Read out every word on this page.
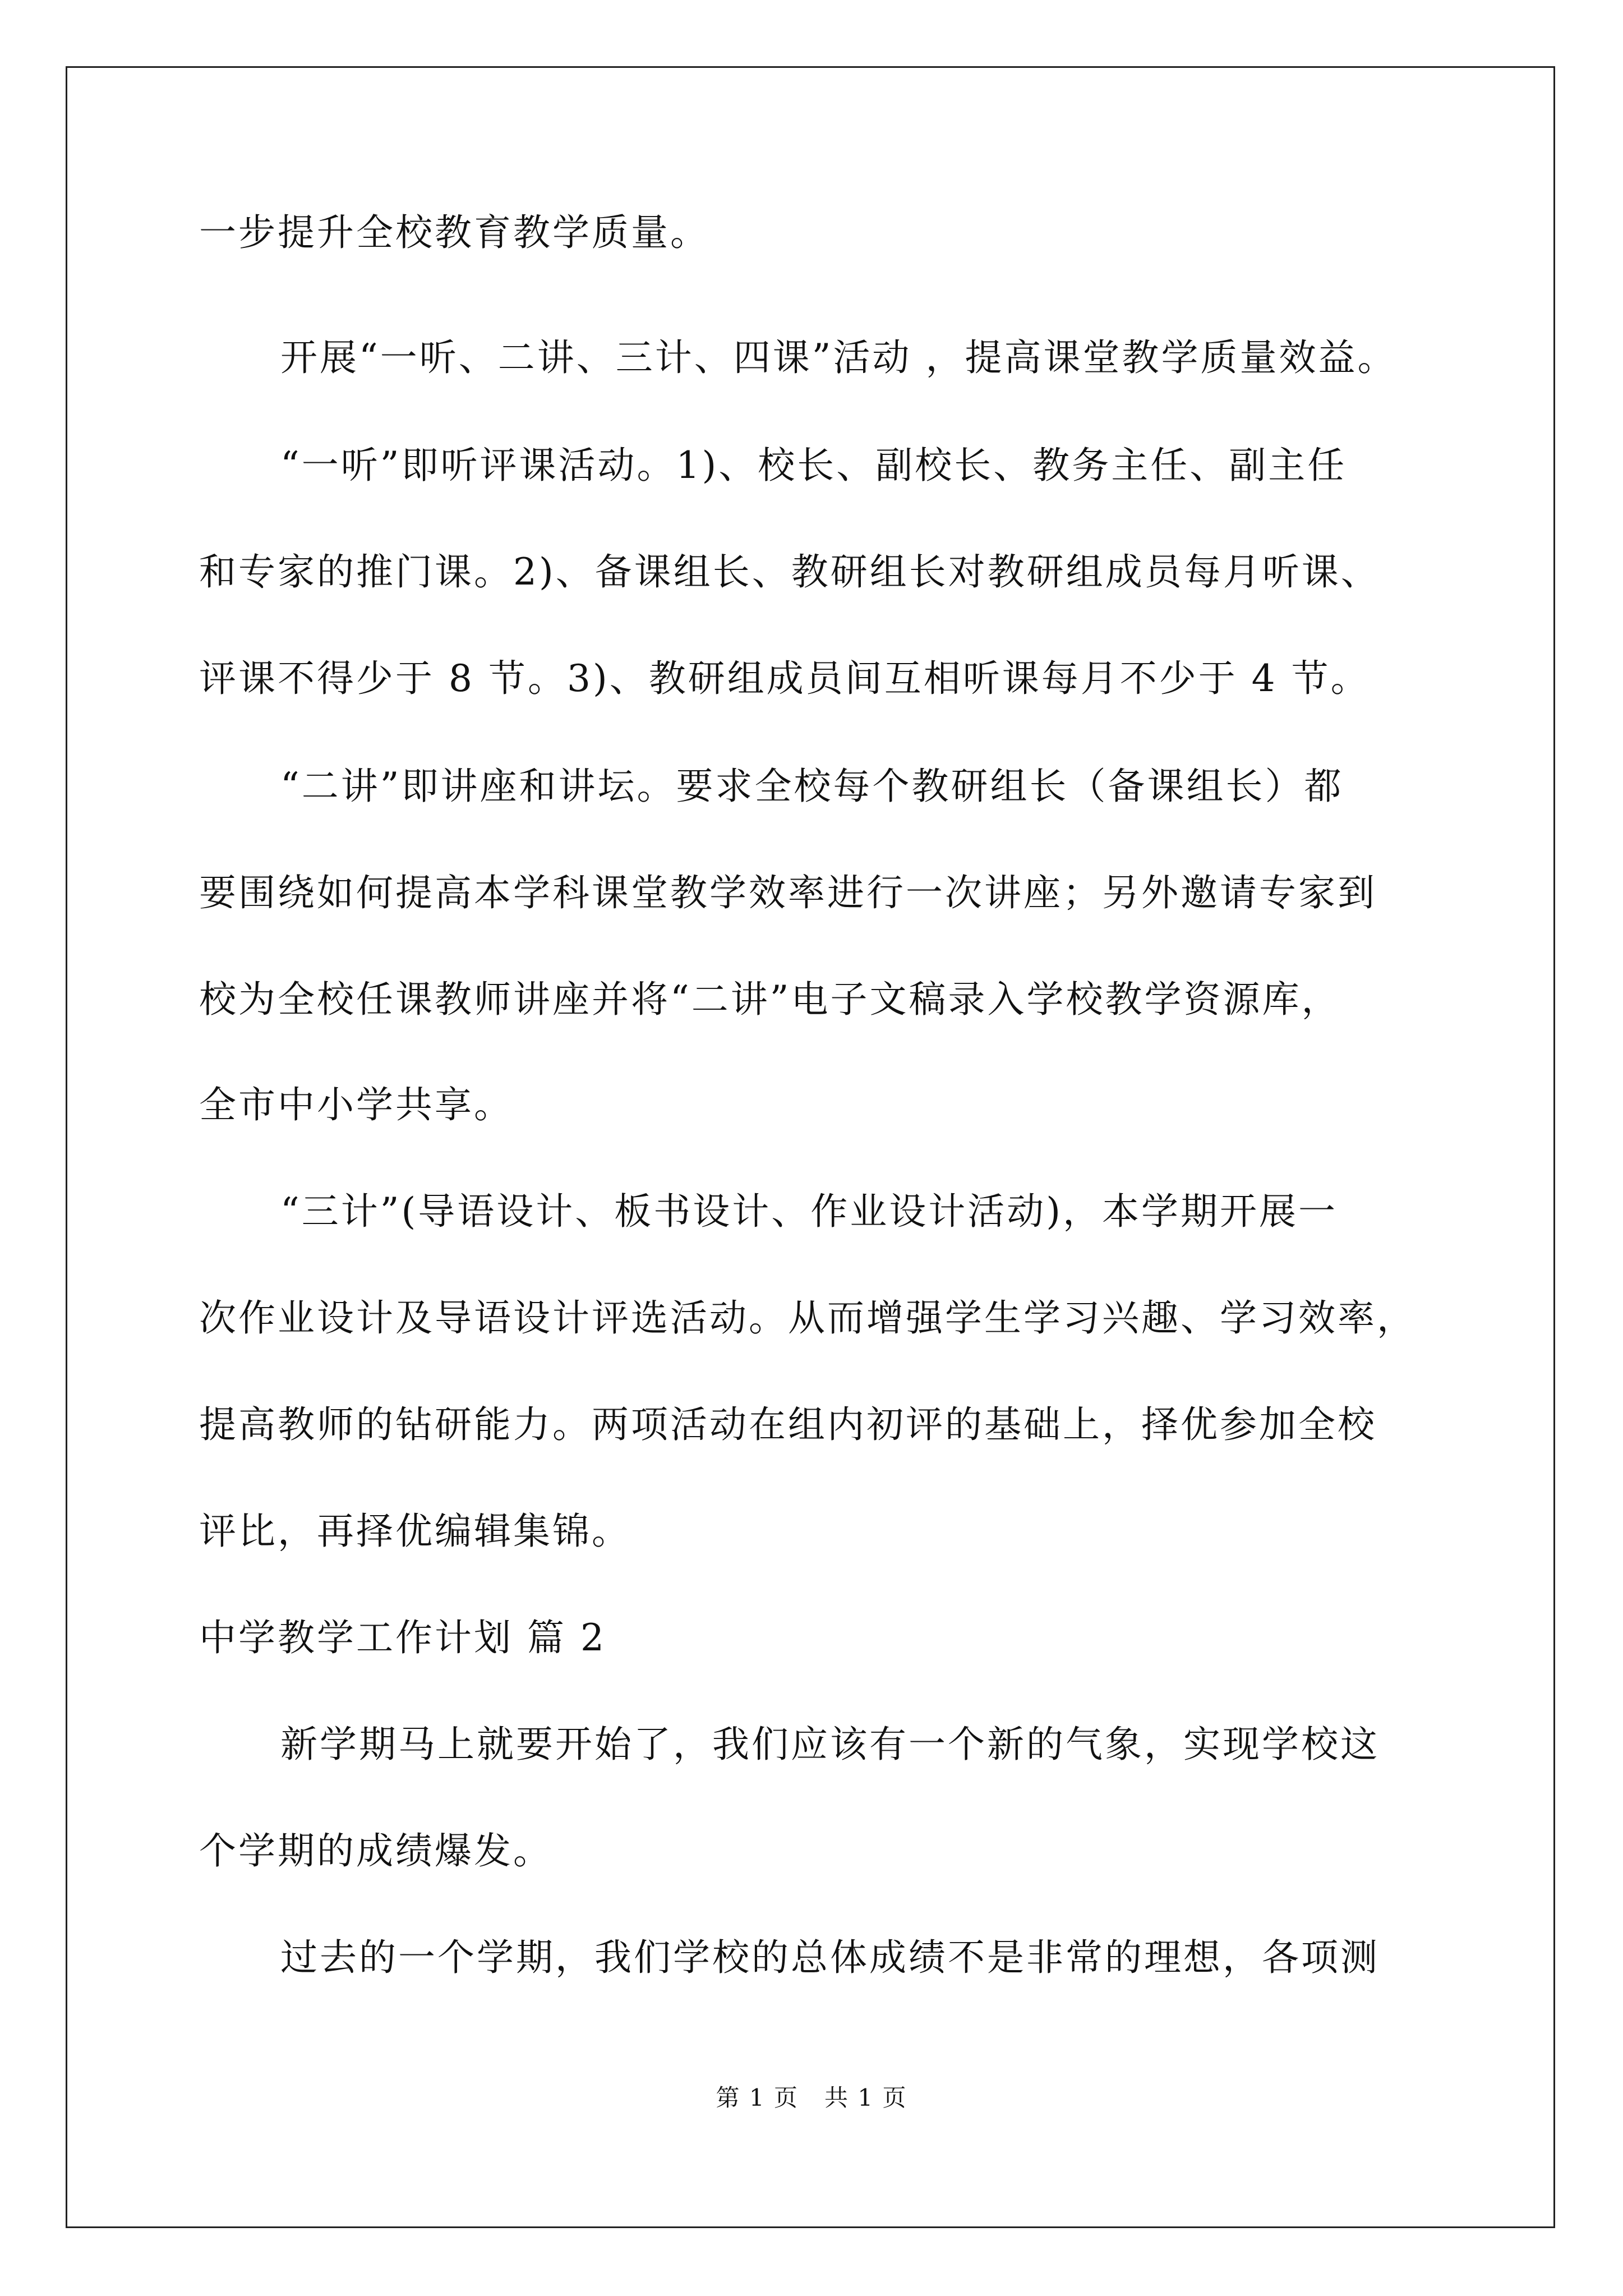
一步提升全校教育教学质量。
开展“一听、二讲、三计、四课”活动 ，提高课堂教学质量效益。
“一听”即听评课活动。1)、校长、副校长、教务主任、副主任
和专家的推门课。2)、备课组长、教研组长对教研组成员每月听课、
评课不得少于 8 节。3)、教研组成员间互相听课每月不少于 4 节。
“二讲”即讲座和讲坛。要求全校每个教研组长（备课组长）都
要围绕如何提高本学科课堂教学效率进行一次讲座；另外邀请专家到
校为全校任课教师讲座并将“二讲”电子文稿录入学校教学资源库，
全市中小学共享。
“三计”(导语设计、板书设计、作业设计活动)，本学期开展一
次作业设计及导语设计评选活动。从而增强学生学习兴趣、学习效率，
提高教师的钻研能力。两项活动在组内初评的基础上，择优参加全校
评比，再择优编辑集锦。
中学教学工作计划 篇 2
新学期马上就要开始了，我们应该有一个新的气象，实现学校这
个学期的成绩爆发。
过去的一个学期，我们学校的总体成绩不是非常的理想，各项测
第 1 页   共 1 页
